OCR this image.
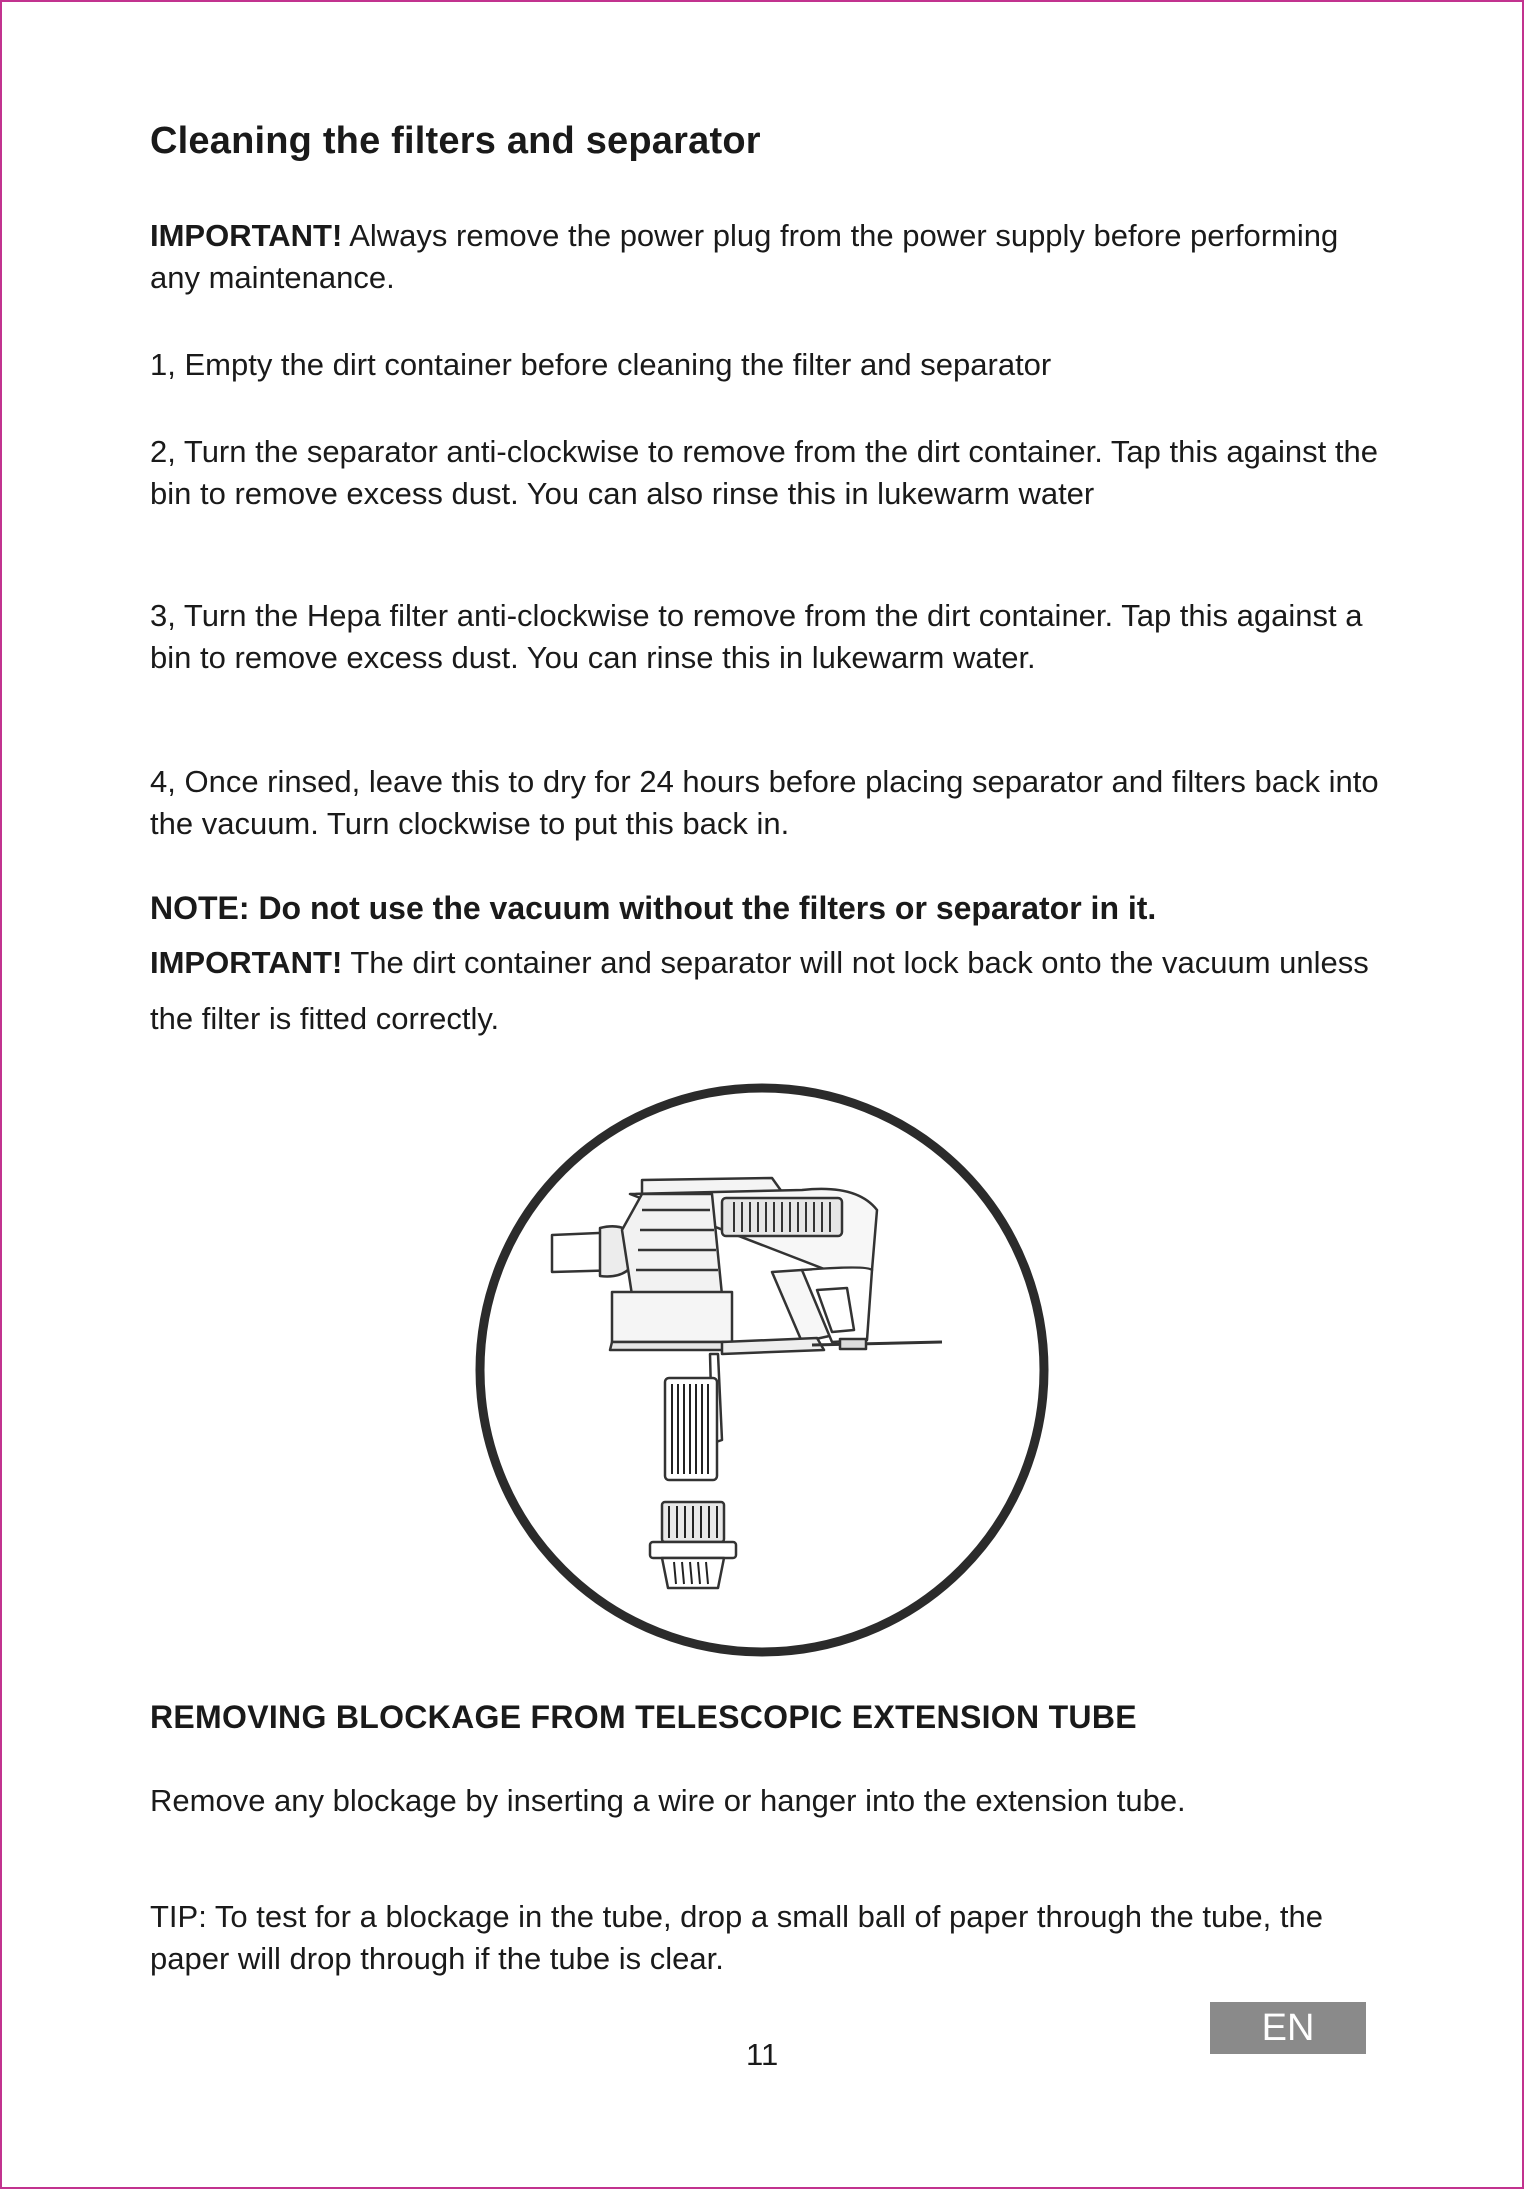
Cleaning the filters and separator

IMPORTANT! Always remove the power plug from the power supply before performing any maintenance.

1, Empty the dirt container before cleaning the filter and separator

2, Turn the separator anti-clockwise to remove from the dirt container. Tap this against the bin to remove excess dust. You can also rinse this in lukewarm water

3, Turn the Hepa filter anti-clockwise to remove from the dirt container. Tap this against a bin to remove excess dust. You can rinse this in lukewarm water.

4, Once rinsed, leave this to dry for 24 hours before placing separator and filters back into the vacuum. Turn clockwise to put this back in.

NOTE: Do not use the vacuum without the filters or separator in it.

IMPORTANT! The dirt container and separator will not lock back onto the vacuum unless the filter is fitted correctly.

REMOVING BLOCKAGE FROM TELESCOPIC EXTENSION TUBE

Remove any blockage by inserting a wire or hanger into the extension tube.

TIP: To test for a blockage in the tube, drop a small ball of paper through the tube, the paper will drop through if the tube is clear.

11
EN
